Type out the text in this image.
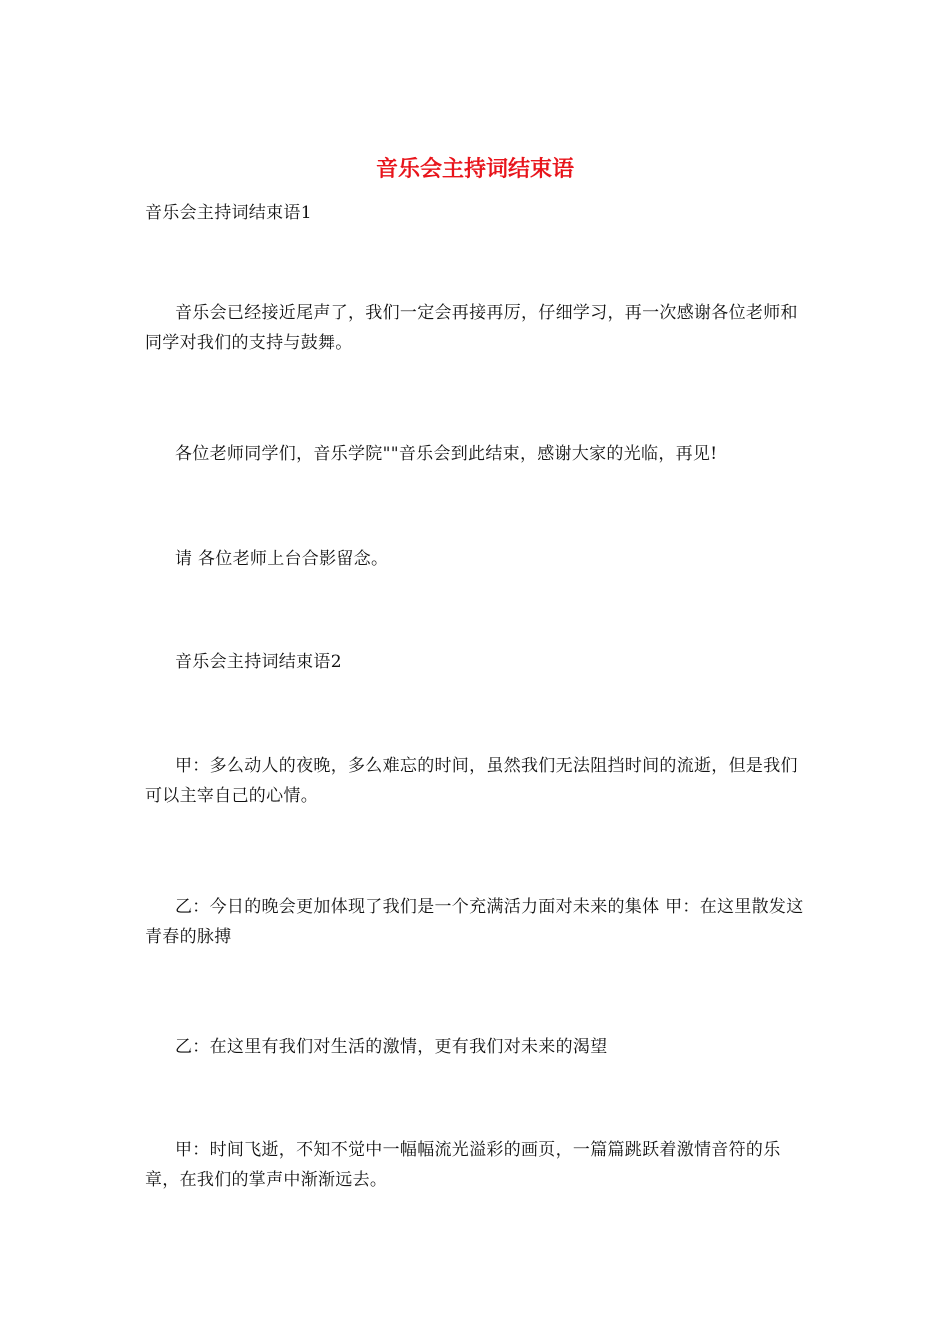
音乐会主持词结束语

音乐会主持词结束语1

音乐会已经接近尾声了，我们一定会再接再厉，仔细学习，再一次感谢各位老师和同学对我们的支持与鼓舞。

各位老师同学们，音乐学院""音乐会到此结束，感谢大家的光临，再见!

请 各位老师上台合影留念。

音乐会主持词结束语2

甲：多么动人的夜晚，多么难忘的时间，虽然我们无法阻挡时间的流逝，但是我们可以主宰自己的心情。

乙：今日的晚会更加体现了我们是一个充满活力面对未来的集体 甲：在这里散发这青春的脉搏

乙：在这里有我们对生活的激情，更有我们对未来的渴望

甲：时间飞逝，不知不觉中一幅幅流光溢彩的画页，一篇篇跳跃着激情音符的乐章，在我们的掌声中渐渐远去。
